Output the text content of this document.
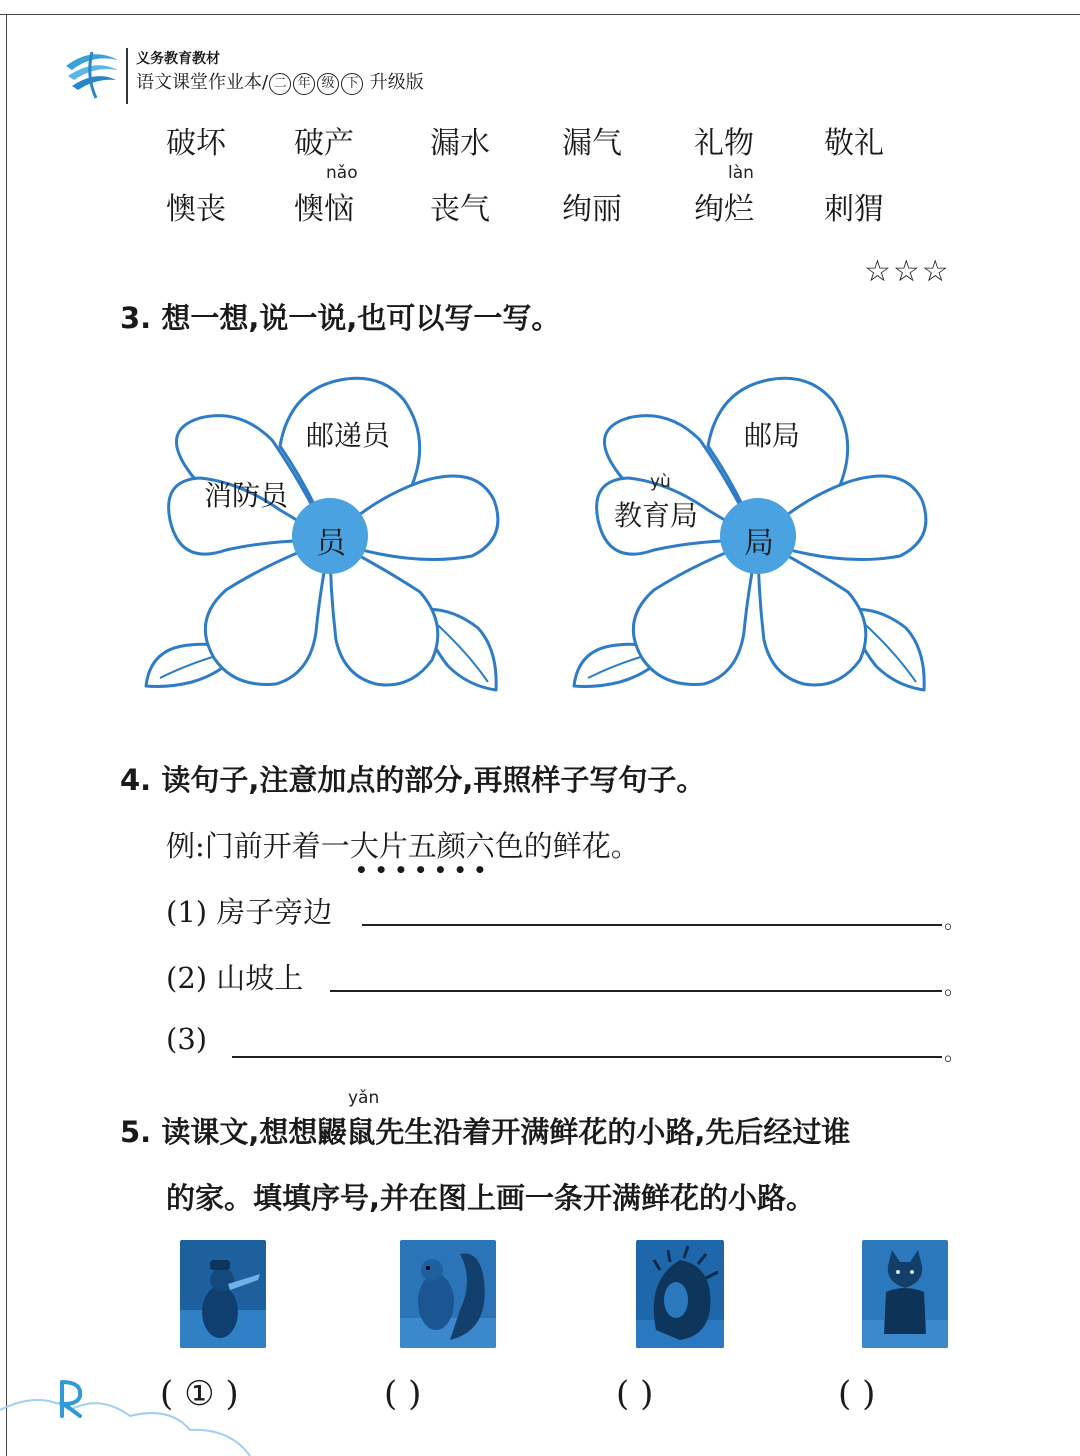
义务教育教材
语文课堂作业本/ 二 年 级 下 升级版
破坏 破产	漏水 漏气 礼物 敬礼
nǎo	làn
懊丧 懊恼	丧气 绚丽 绚烂 刺猬
☆☆☆
3. 想一想,说一说,也可以写一写。
邮递员
消防员
员
邮局
yù
教育局
局
4. 读句子,注意加点的部分,再照样子写句子。
例:门前开着一大片五颜六色的鲜花。
• • • • • • •
(1) 房子旁边	。
(2) 山坡上	。
(3)	。
yǎn
5. 读课文,想想鼹鼠先生沿着开满鲜花的小路,先后经过谁
的家。填填序号,并在图上画一条开满鲜花的小路。
( ① )	( )	( )	( )
